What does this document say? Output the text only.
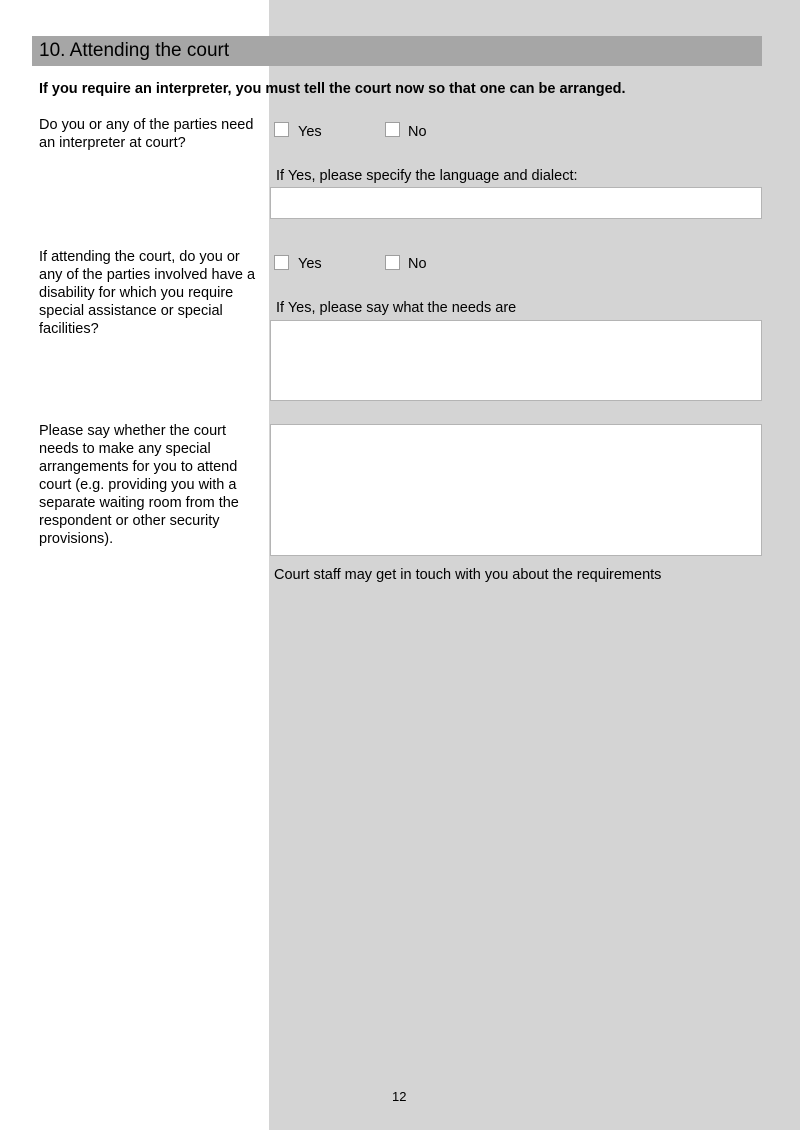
10. Attending the court
If you require an interpreter, you must tell the court now so that one can be arranged.
Do you or any of the parties need an interpreter at court?
Yes	No
If Yes, please specify the language and dialect:
If attending the court, do you or any of the parties involved have a disability for which you require special assistance or special facilities?
Yes	No
If Yes, please say what the needs are
Please say whether the court needs to make any special arrangements for you to attend court (e.g. providing you with a separate waiting room from the respondent or other security provisions).
Court staff may get in touch with you about the requirements
12
